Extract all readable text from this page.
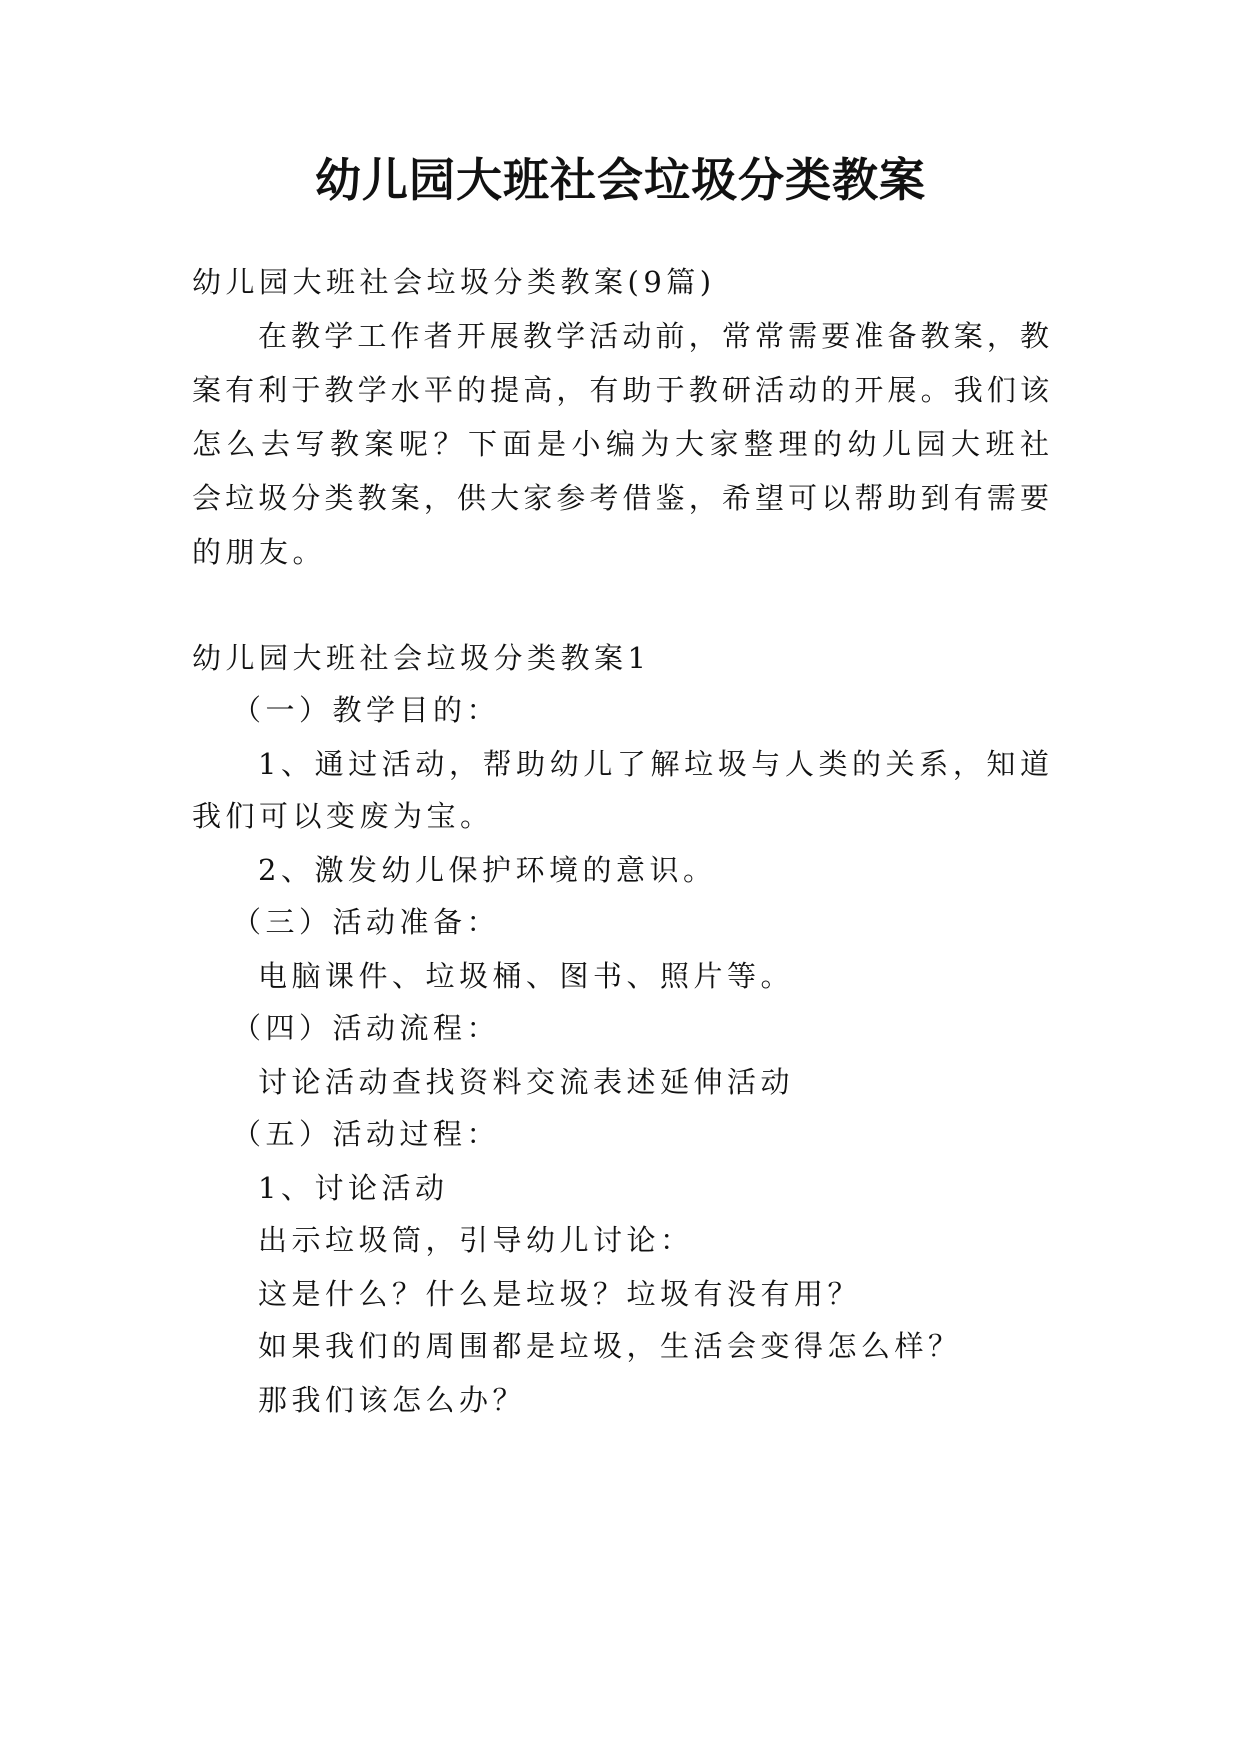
幼儿园大班社会垃圾分类教案
幼儿园大班社会垃圾分类教案(9篇)
在教学工作者开展教学活动前，常常需要准备教案，教
案有利于教学水平的提高，有助于教研活动的开展。我们该
怎么去写教案呢？下面是小编为大家整理的幼儿园大班社
会垃圾分类教案，供大家参考借鉴，希望可以帮助到有需要
的朋友。
幼儿园大班社会垃圾分类教案1
（一）教学目的：
1、通过活动，帮助幼儿了解垃圾与人类的关系，知道
我们可以变废为宝。
2、激发幼儿保护环境的意识。
（三）活动准备：
电脑课件、垃圾桶、图书、照片等。
（四）活动流程：
讨论活动查找资料交流表述延伸活动
（五）活动过程：
1、讨论活动
出示垃圾筒，引导幼儿讨论：
这是什么？什么是垃圾？垃圾有没有用？
如果我们的周围都是垃圾，生活会变得怎么样？
那我们该怎么办？
